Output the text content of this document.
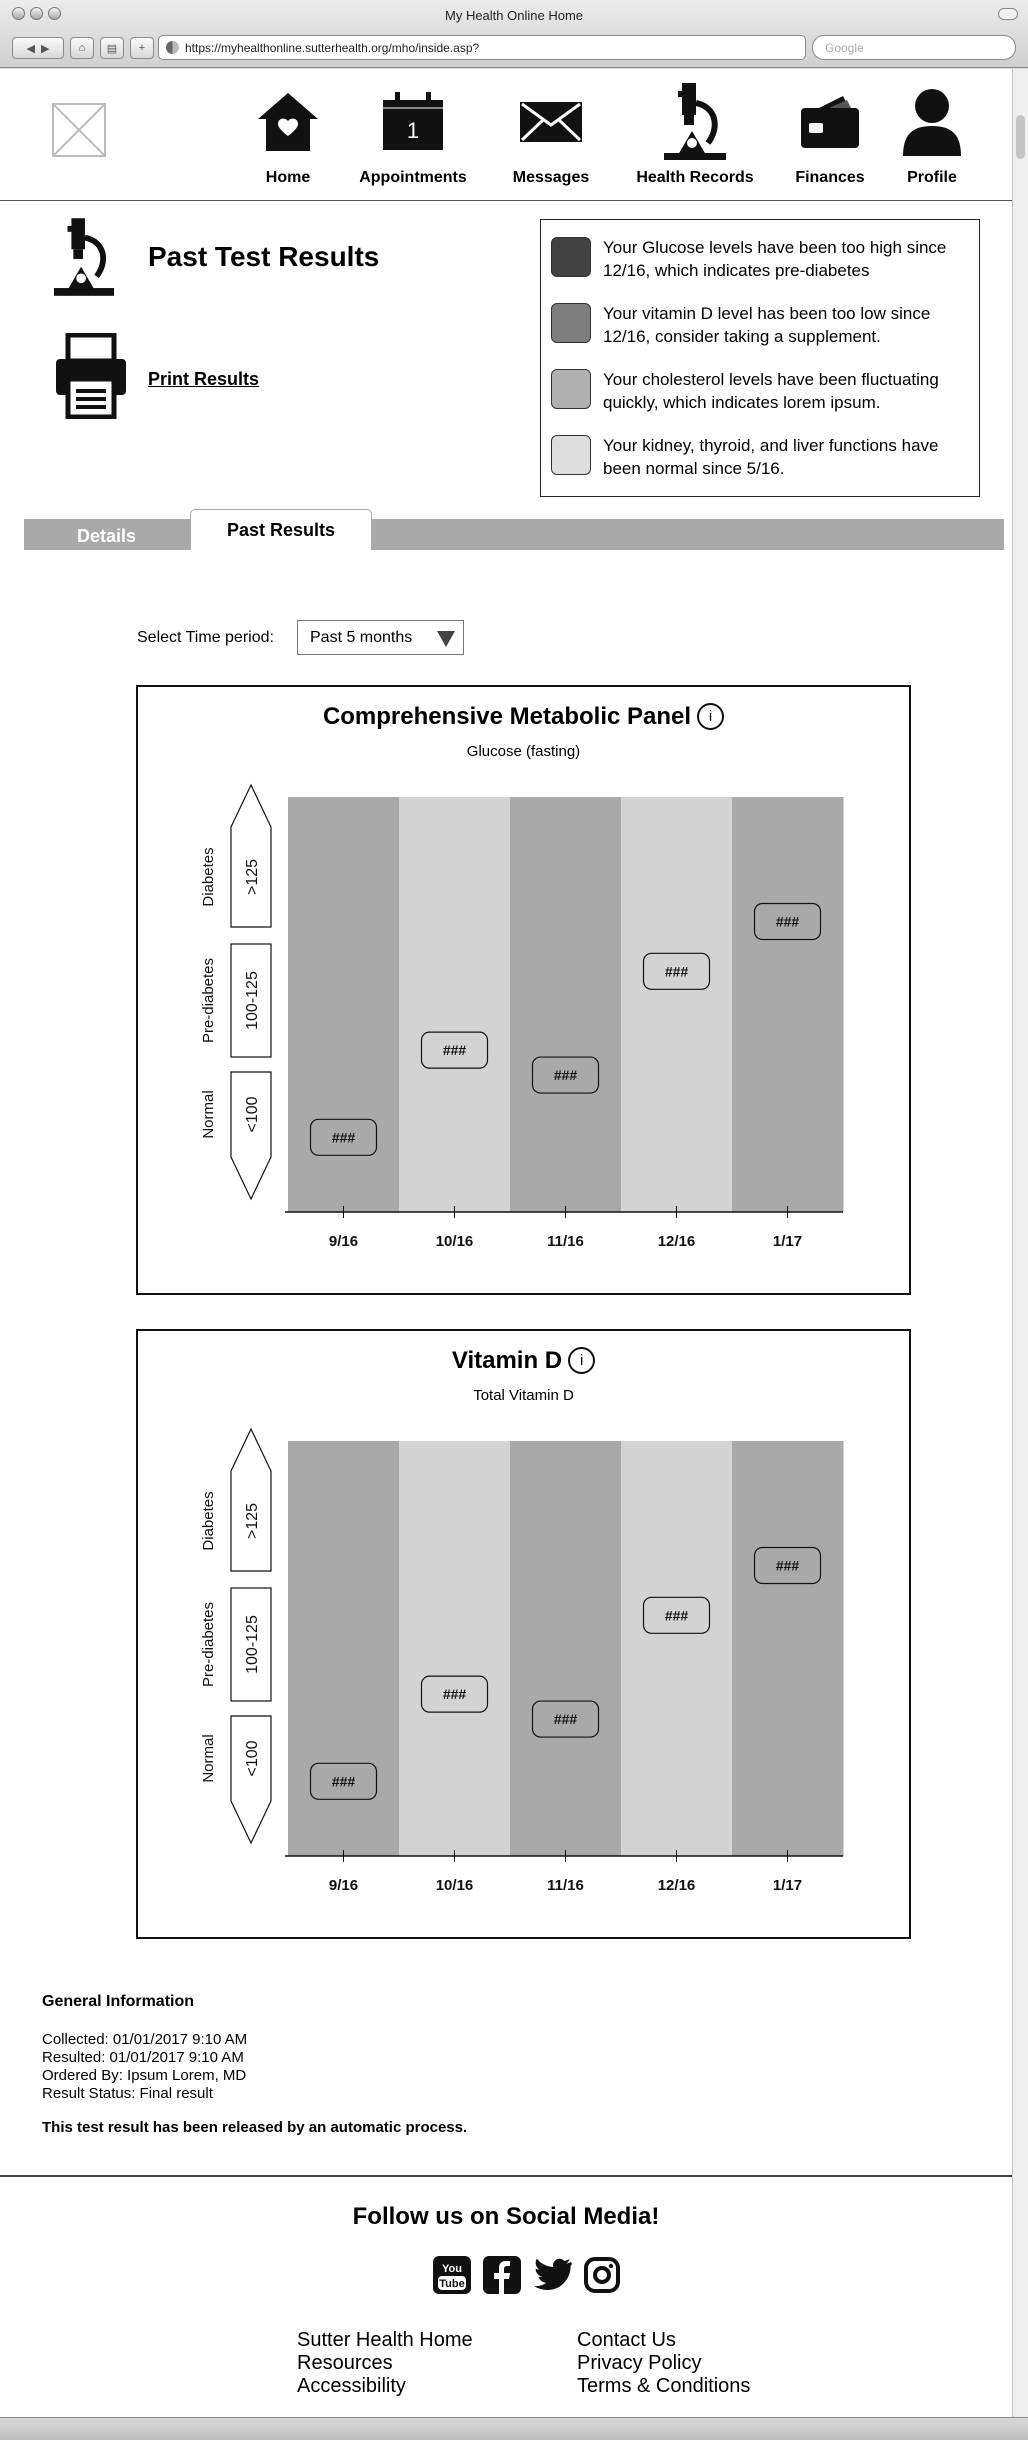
My Health Online Home
◀  ▶	⌂	▤	+	https://myhealthonline.sutterhealth.org/mho/inside.asp?	Google
Home
1
Appointments	Messages	Health Records	Finances	Profile
Past Test Results
Print Results
Your Glucose levels have been too high since 12/16, which indicates pre-diabetes
Your vitamin D level has been too low since 12/16, consider taking a supplement.
Your cholesterol levels have been fluctuating quickly, which indicates lorem ipsum.
Your kidney, thyroid, and liver functions have been normal since 5/16.
Details	Past Results
Select Time period: Past 5 months
9/16	10/16	11/16	12/16	1/17
###
###
###
###
###
<100
Normal
100-125
Pre-diabetes
>125
Diabetes
Comprehensive Metabolic Panel i
Glucose (fasting)
9/16	10/16	11/16	12/16	1/17
###
###
###
###
###
<100
Normal
100-125
Pre-diabetes
>125
Diabetes
Vitamin D i
Total Vitamin D
General Information
Collected: 01/01/2017 9:10 AM
Resulted: 01/01/2017 9:10 AM
Ordered By: Ipsum Lorem, MD
Result Status: Final result
This test result has been released by an automatic process.
Follow us on Social Media!
You
Tube
Sutter Health Home
Resources
Accessibility
Contact Us
Privacy Policy
Terms & Conditions
